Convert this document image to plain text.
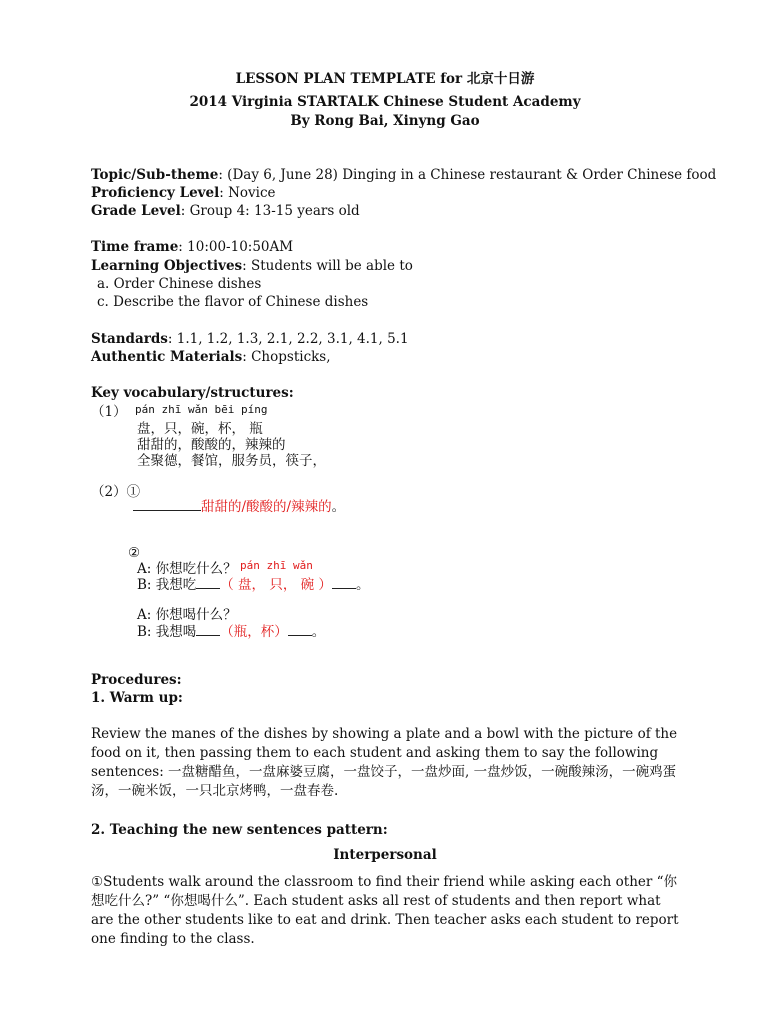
LESSON PLAN TEMPLATE for 北京十日游
2014 Virginia STARTALK Chinese Student Academy
By Rong Bai, Xinyng Gao
Topic/Sub-theme: (Day 6, June 28) Dinging in a Chinese restaurant & Order Chinese food
Proficiency Level: Novice
Grade Level: Group 4: 13-15 years old
Time frame: 10:00-10:50AM
Learning Objectives: Students will be able to
a. Order Chinese dishes
c. Describe the flavor of Chinese dishes
Standards: 1.1, 1.2, 1.3, 2.1, 2.2, 3.1, 4.1, 5.1
Authentic Materials: Chopsticks,
Key vocabulary/structures:
（1） pán zhī wǎn bēi píng
盘，只，碗，杯， 瓶
甜甜的，酸酸的，辣辣的
全聚德，餐馆，服务员，筷子，
（2）①
甜甜的/酸酸的/辣辣的。
②
A: 你想吃什么？ pán zhī wǎn
B: 我想吃 （ 盘， 只， 碗 ） 。
A: 你想喝什么？
B: 我想喝 （瓶，杯） 。
Procedures:
1. Warm up:
Review the manes of the dishes by showing a plate and a bowl with the picture of the food on it, then passing them to each student and asking them to say the following sentences: 一盘糖醋鱼，一盘麻婆豆腐，一盘饺子，一盘炒面, 一盘炒饭，一碗酸辣汤，一碗鸡蛋汤，一碗米饭，一只北京烤鸭，一盘春卷.
2. Teaching the new sentences pattern:
Interpersonal
①Students walk around the classroom to find their friend while asking each other “你想吃什么?” “你想喝什么”. Each student asks all rest of students and then report what are the other students like to eat and drink. Then teacher asks each student to report one finding to the class.
